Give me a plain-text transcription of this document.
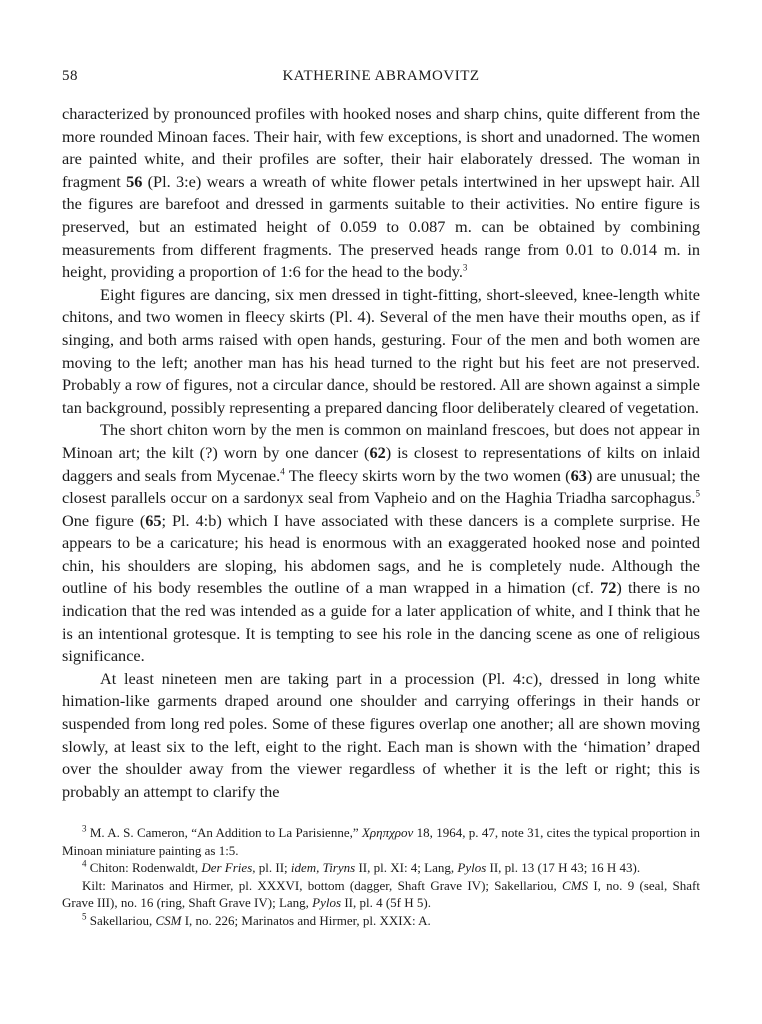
58	KATHERINE ABRAMOVITZ

characterized by pronounced profiles with hooked noses and sharp chins, quite different from the more rounded Minoan faces. Their hair, with few exceptions, is short and unadorned. The women are painted white, and their profiles are softer, their hair elaborately dressed. The woman in fragment 56 (Pl. 3:e) wears a wreath of white flower petals intertwined in her upswept hair. All the figures are barefoot and dressed in garments suitable to their activities. No entire figure is preserved, but an estimated height of 0.059 to 0.087 m. can be obtained by combining measurements from different fragments. The preserved heads range from 0.01 to 0.014 m. in height, providing a proportion of 1:6 for the head to the body.$^3$

Eight figures are dancing, six men dressed in tight-fitting, short-sleeved, knee-length white chitons, and two women in fleecy skirts (Pl. 4). Several of the men have their mouths open, as if singing, and both arms raised with open hands, gesturing. Four of the men and both women are moving to the left; another man has his head turned to the right but his feet are not preserved. Probably a row of figures, not a circular dance, should be restored. All are shown against a simple tan background, possibly representing a prepared dancing floor deliberately cleared of vegetation.

The short chiton worn by the men is common on mainland frescoes, but does not appear in Minoan art; the kilt (?) worn by one dancer (62) is closest to representations of kilts on inlaid daggers and seals from Mycenae.$^4$ The fleecy skirts worn by the two women (63) are unusual; the closest parallels occur on a sardonyx seal from Vapheio and on the Haghia Triadha sarcophagus.$^5$ One figure (65; Pl. 4:b) which I have associated with these dancers is a complete surprise. He appears to be a caricature; his head is enormous with an exaggerated hooked nose and pointed chin, his shoulders are sloping, his abdomen sags, and he is completely nude. Although the outline of his body resembles the outline of a man wrapped in a himation (cf. 72) there is no indication that the red was intended as a guide for a later application of white, and I think that he is an intentional grotesque. It is tempting to see his role in the dancing scene as one of religious significance.

At least nineteen men are taking part in a procession (Pl. 4:c), dressed in long white himation-like garments draped around one shoulder and carrying offerings in their hands or suspended from long red poles. Some of these figures overlap one another; all are shown moving slowly, at least six to the left, eight to the right. Each man is shown with the ‘himation’ draped over the shoulder away from the viewer regardless of whether it is the left or right; this is probably an attempt to clarify the

$^3$ M. A. S. Cameron, “An Addition to La Parisienne,” Χρηπχρον 18, 1964, p. 47, note 31, cites the typical proportion in Minoan miniature painting as 1:5.

$^4$ Chiton: Rodenwaldt, Der Fries, pl. II; idem, Tiryns II, pl. XI: 4; Lang, Pylos II, pl. 13 (17 H 43; 16 H 43).

Kilt: Marinatos and Hirmer, pl. XXXVI, bottom (dagger, Shaft Grave IV); Sakellariou, CMS I, no. 9 (seal, Shaft Grave III), no. 16 (ring, Shaft Grave IV); Lang, Pylos II, pl. 4 (5f H 5).

$^5$ Sakellariou, CSM I, no. 226; Marinatos and Hirmer, pl. XXIX: A.
